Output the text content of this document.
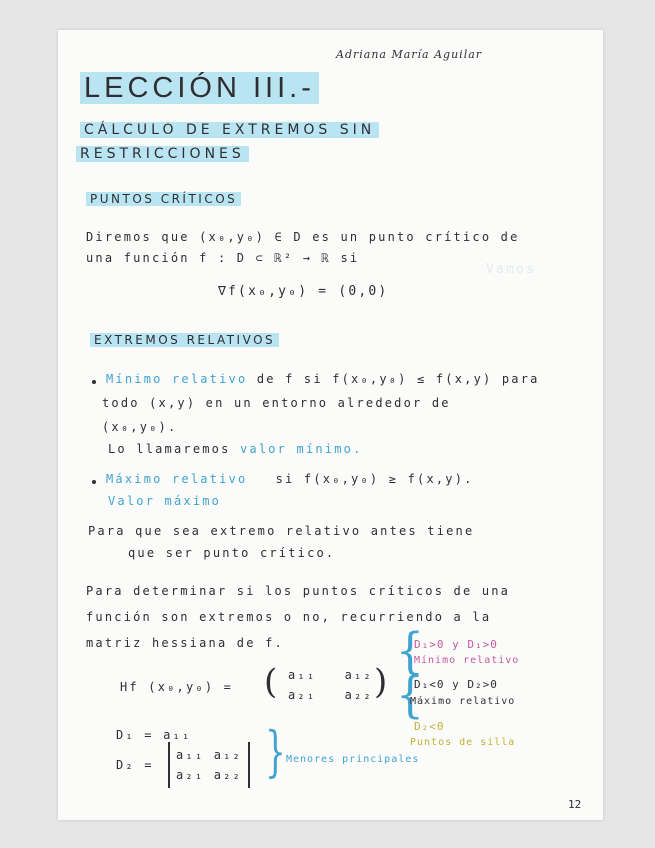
Adriana María Aguilar
LECCIÓN III.-
CÁLCULO DE EXTREMOS SIN
RESTRICCIONES
Vamos
PUNTOS CRÍTICOS
Diremos que (x₀,y₀) ∈ D es un punto crítico de
una función f : D ⊂ ℝ² → ℝ si
∇f(x₀,y₀) = (0,0)
EXTREMOS RELATIVOS
Mínimo relativo de f si f(x₀,y₀) ≤ f(x,y) para
todo (x,y) en un entorno alrededor de
(x₀,y₀).
Lo llamaremos valor mínimo.
Máximo relativo si f(x₀,y₀) ≥ f(x,y).
Valor máximo
Para que sea extremo relativo antes tiene
que ser punto crítico.
Para determinar si los puntos críticos de una
función son extremos o no, recurriendo a la
matriz hessiana de f.
Hf (x₀,y₀) = ( a₁₁ a₁₂
a₂₁ a₂₂ )
{
{
D₁>0 y D₁>0
Mínimo relativo
D₁<0 y D₂>0
Máximo relativo
D₂<0
Puntos de silla
D₁ = a₁₁
D₂ =
a₁₁ a₁₂
a₂₁ a₂₂ } Menores principales
12
